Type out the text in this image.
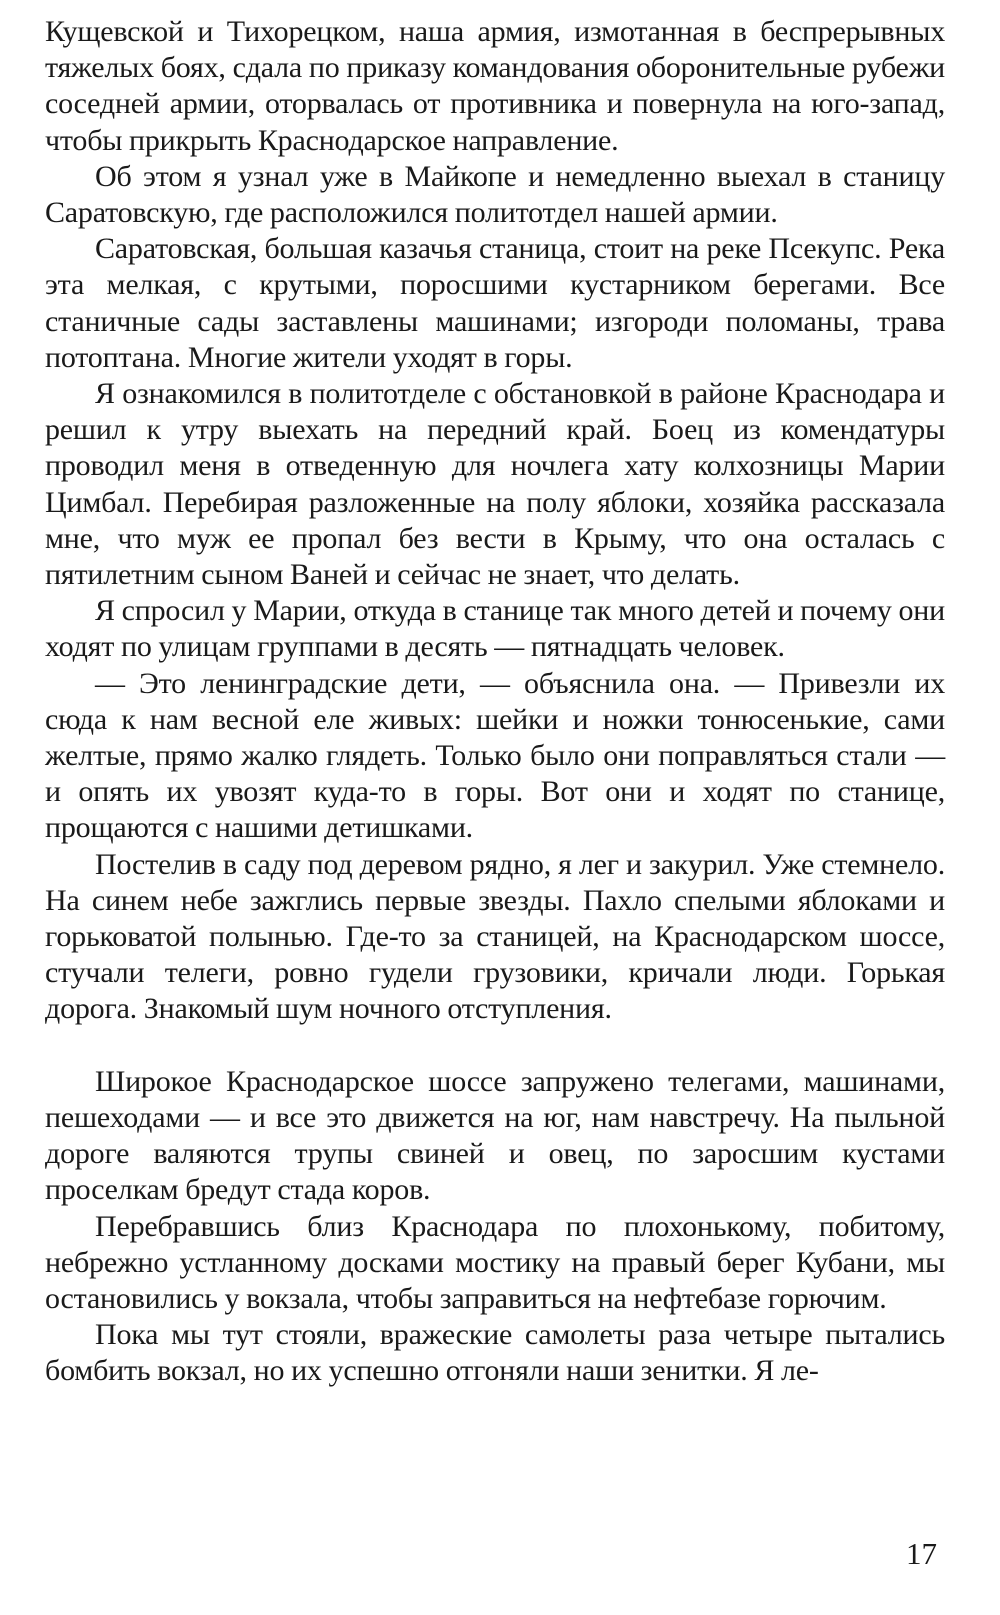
Кущевской и Тихорецком, наша армия, измотанная в беспрерывных тяжелых боях, сдала по приказу командования оборонительные рубежи соседней армии, оторвалась от противника и повернула на юго-запад, чтобы прикрыть Краснодарское направление.

Об этом я узнал уже в Майкопе и немедленно выехал в станицу Саратовскую, где расположился политотдел нашей армии.

Саратовская, большая казачья станица, стоит на реке Псекупс. Река эта мелкая, с крутыми, поросшими кустарником берегами. Все станичные сады заставлены машинами; изгороди поломаны, трава потоптана. Многие жители уходят в горы.

Я ознакомился в политотделе с обстановкой в районе Краснодара и решил к утру выехать на передний край. Боец из комендатуры проводил меня в отведенную для ночлега хату колхозницы Марии Цимбал. Перебирая разложенные на полу яблоки, хозяйка рассказала мне, что муж ее пропал без вести в Крыму, что она осталась с пятилетним сыном Ваней и сейчас не знает, что делать.

Я спросил у Марии, откуда в станице так много детей и почему они ходят по улицам группами в десять — пятнадцать человек.

— Это ленинградские дети, — объяснила она. — Привезли их сюда к нам весной еле живых: шейки и ножки тонюсенькие, сами желтые, прямо жалко глядеть. Только было они поправляться стали — и опять их увозят куда-то в горы. Вот они и ходят по станице, прощаются с нашими детишками.

Постелив в саду под деревом рядно, я лег и закурил. Уже стемнело. На синем небе зажглись первые звезды. Пахло спелыми яблоками и горьковатой полынью. Где-то за станицей, на Краснодарском шоссе, стучали телеги, ровно гудели грузовики, кричали люди. Горькая дорога. Знакомый шум ночного отступления.

Широкое Краснодарское шоссе запружено телегами, машинами, пешеходами — и все это движется на юг, нам навстречу. На пыльной дороге валяются трупы свиней и овец, по заросшим кустами проселкам бредут стада коров.

Перебравшись близ Краснодара по плохонькому, побитому, небрежно устланному досками мостику на правый берег Кубани, мы остановились у вокзала, чтобы заправиться на нефтебазе горючим.

Пока мы тут стояли, вражеские самолеты раза четыре пытались бомбить вокзал, но их успешно отгоняли наши зенитки. Я ле-

17
